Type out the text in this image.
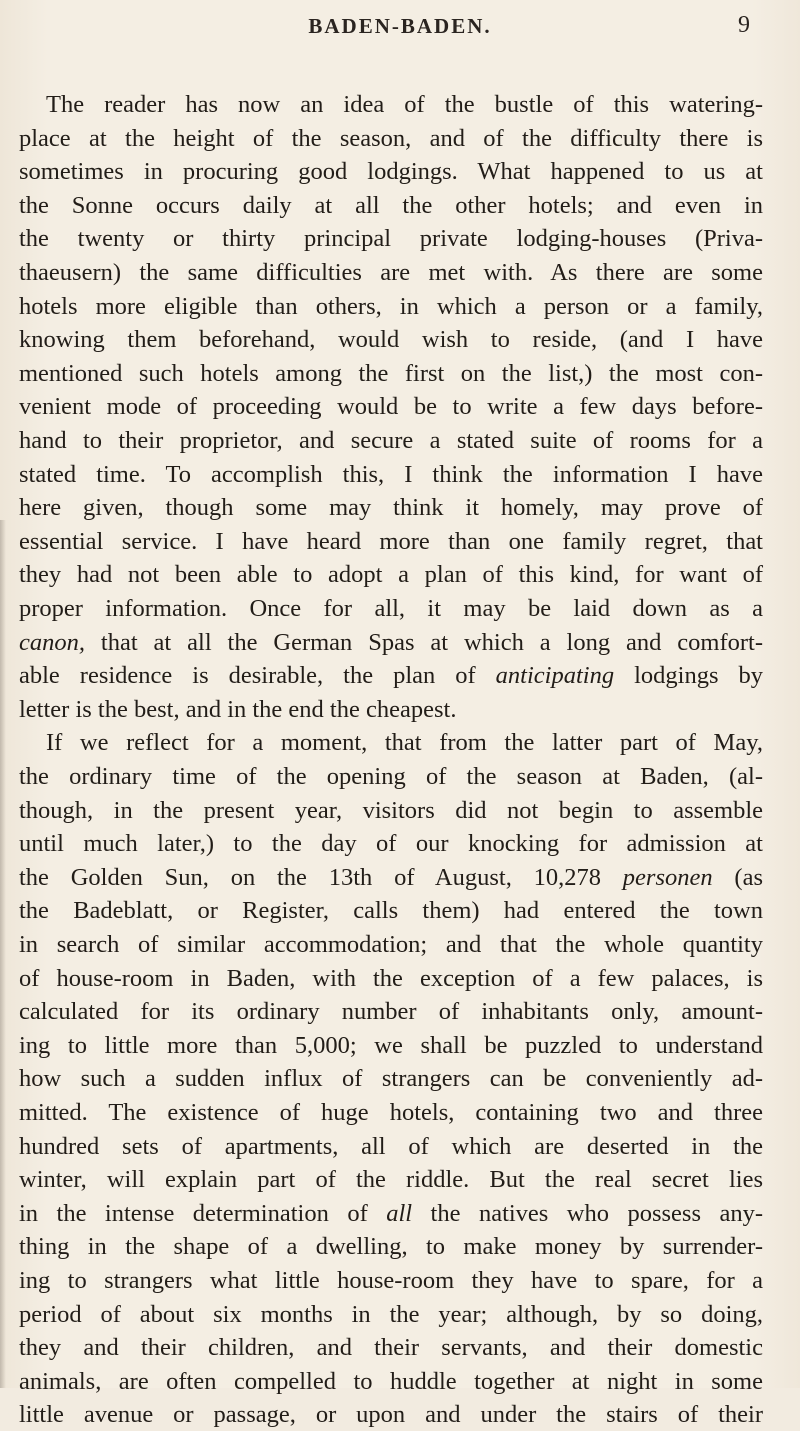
BADEN-BADEN.	9
The reader has now an idea of the bustle of this watering-
place at the height of the season, and of the difficulty there is
sometimes in procuring good lodgings. What happened to us at
the Sonne occurs daily at all the other hotels; and even in
the twenty or thirty principal private lodging-houses (Priva-
thaeusern) the same difficulties are met with. As there are some
hotels more eligible than others, in which a person or a family,
knowing them beforehand, would wish to reside, (and I have
mentioned such hotels among the first on the list,) the most con-
venient mode of proceeding would be to write a few days before-
hand to their proprietor, and secure a stated suite of rooms for a
stated time. To accomplish this, I think the information I have
here given, though some may think it homely, may prove of
essential service. I have heard more than one family regret, that
they had not been able to adopt a plan of this kind, for want of
proper information. Once for all, it may be laid down as a
canon, that at all the German Spas at which a long and comfort-
able residence is desirable, the plan of anticipating lodgings by
letter is the best, and in the end the cheapest.
If we reflect for a moment, that from the latter part of May,
the ordinary time of the opening of the season at Baden, (al-
though, in the present year, visitors did not begin to assemble
until much later,) to the day of our knocking for admission at
the Golden Sun, on the 13th of August, 10,278 personen (as
the Badeblatt, or Register, calls them) had entered the town
in search of similar accommodation; and that the whole quantity
of house-room in Baden, with the exception of a few palaces, is
calculated for its ordinary number of inhabitants only, amount-
ing to little more than 5,000; we shall be puzzled to understand
how such a sudden influx of strangers can be conveniently ad-
mitted. The existence of huge hotels, containing two and three
hundred sets of apartments, all of which are deserted in the
winter, will explain part of the riddle. But the real secret lies
in the intense determination of all the natives who possess any-
thing in the shape of a dwelling, to make money by surrender-
ing to strangers what little house-room they have to spare, for a
period of about six months in the year; although, by so doing,
they and their children, and their servants, and their domestic
animals, are often compelled to huddle together at night in some
little avenue or passage, or upon and under the stairs of their
